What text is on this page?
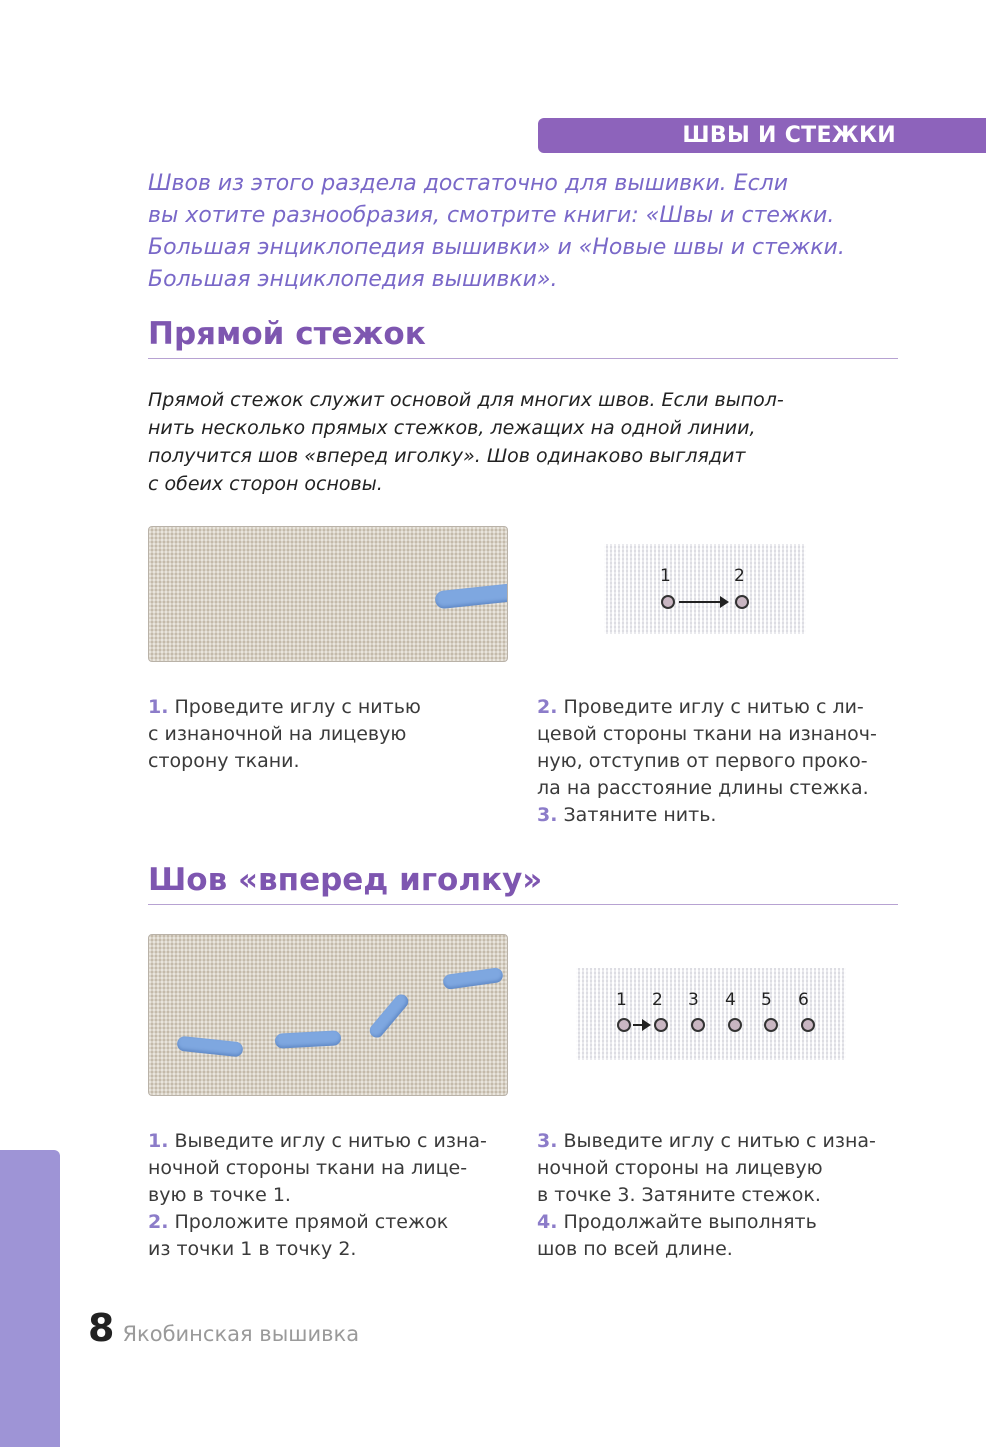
ШВЫ И СТЕЖКИ
Швов из этого раздела достаточно для вышивки. Если
вы хотите разнообразия, смотрите книги: «Швы и стежки.
Большая энциклопедия вышивки» и «Новые швы и стежки.
Большая энциклопедия вышивки».
Прямой стежок
Прямой стежок служит основой для многих швов. Если выпол-
нить несколько прямых стежков, лежащих на одной линии,
получится шов «вперед иголку». Шов одинаково выглядит
с обеих сторон основы.
1	2
1. Проведите иглу с нитью
с изнаночной на лицевую
сторону ткани.
2. Проведите иглу с нитью с ли-
цевой стороны ткани на изнаноч-
ную, отступив от первого проко-
ла на расстояние длины стежка.
3. Затяните нить.
Шов «вперед иголку»
1 2 3 4 5 6
1. Выведите иглу с нитью с изна-
ночной стороны ткани на лице-
вую в точке 1.
2. Проложите прямой стежок
из точки 1 в точку 2.
3. Выведите иглу с нитью с изна-
ночной стороны на лицевую
в точке 3. Затяните стежок.
4. Продолжайте выполнять
шов по всей длине.
8 Якобинская вышивка
